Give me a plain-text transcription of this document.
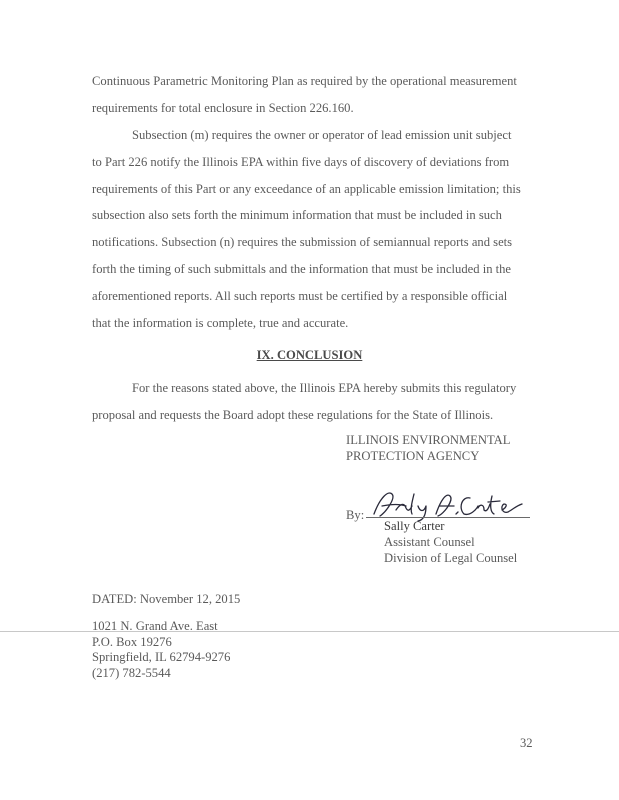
Continuous Parametric Monitoring Plan as required by the operational measurement requirements for total enclosure in Section 226.160.

Subsection (m) requires the owner or operator of lead emission unit subject to Part 226 notify the Illinois EPA within five days of discovery of deviations from requirements of this Part or any exceedance of an applicable emission limitation; this subsection also sets forth the minimum information that must be included in such notifications. Subsection (n) requires the submission of semiannual reports and sets forth the timing of such submittals and the information that must be included in the aforementioned reports. All such reports must be certified by a responsible official that the information is complete, true and accurate.

IX. CONCLUSION

For the reasons stated above, the Illinois EPA hereby submits this regulatory proposal and requests the Board adopt these regulations for the State of Illinois.

ILLINOIS ENVIRONMENTAL
PROTECTION AGENCY
By:
Sally Carter
Assistant Counsel
Division of Legal Counsel
DATED: November 12, 2015
1021 N. Grand Ave. East
P.O. Box 19276
Springfield, IL 62794-9276
(217) 782-5544
32
